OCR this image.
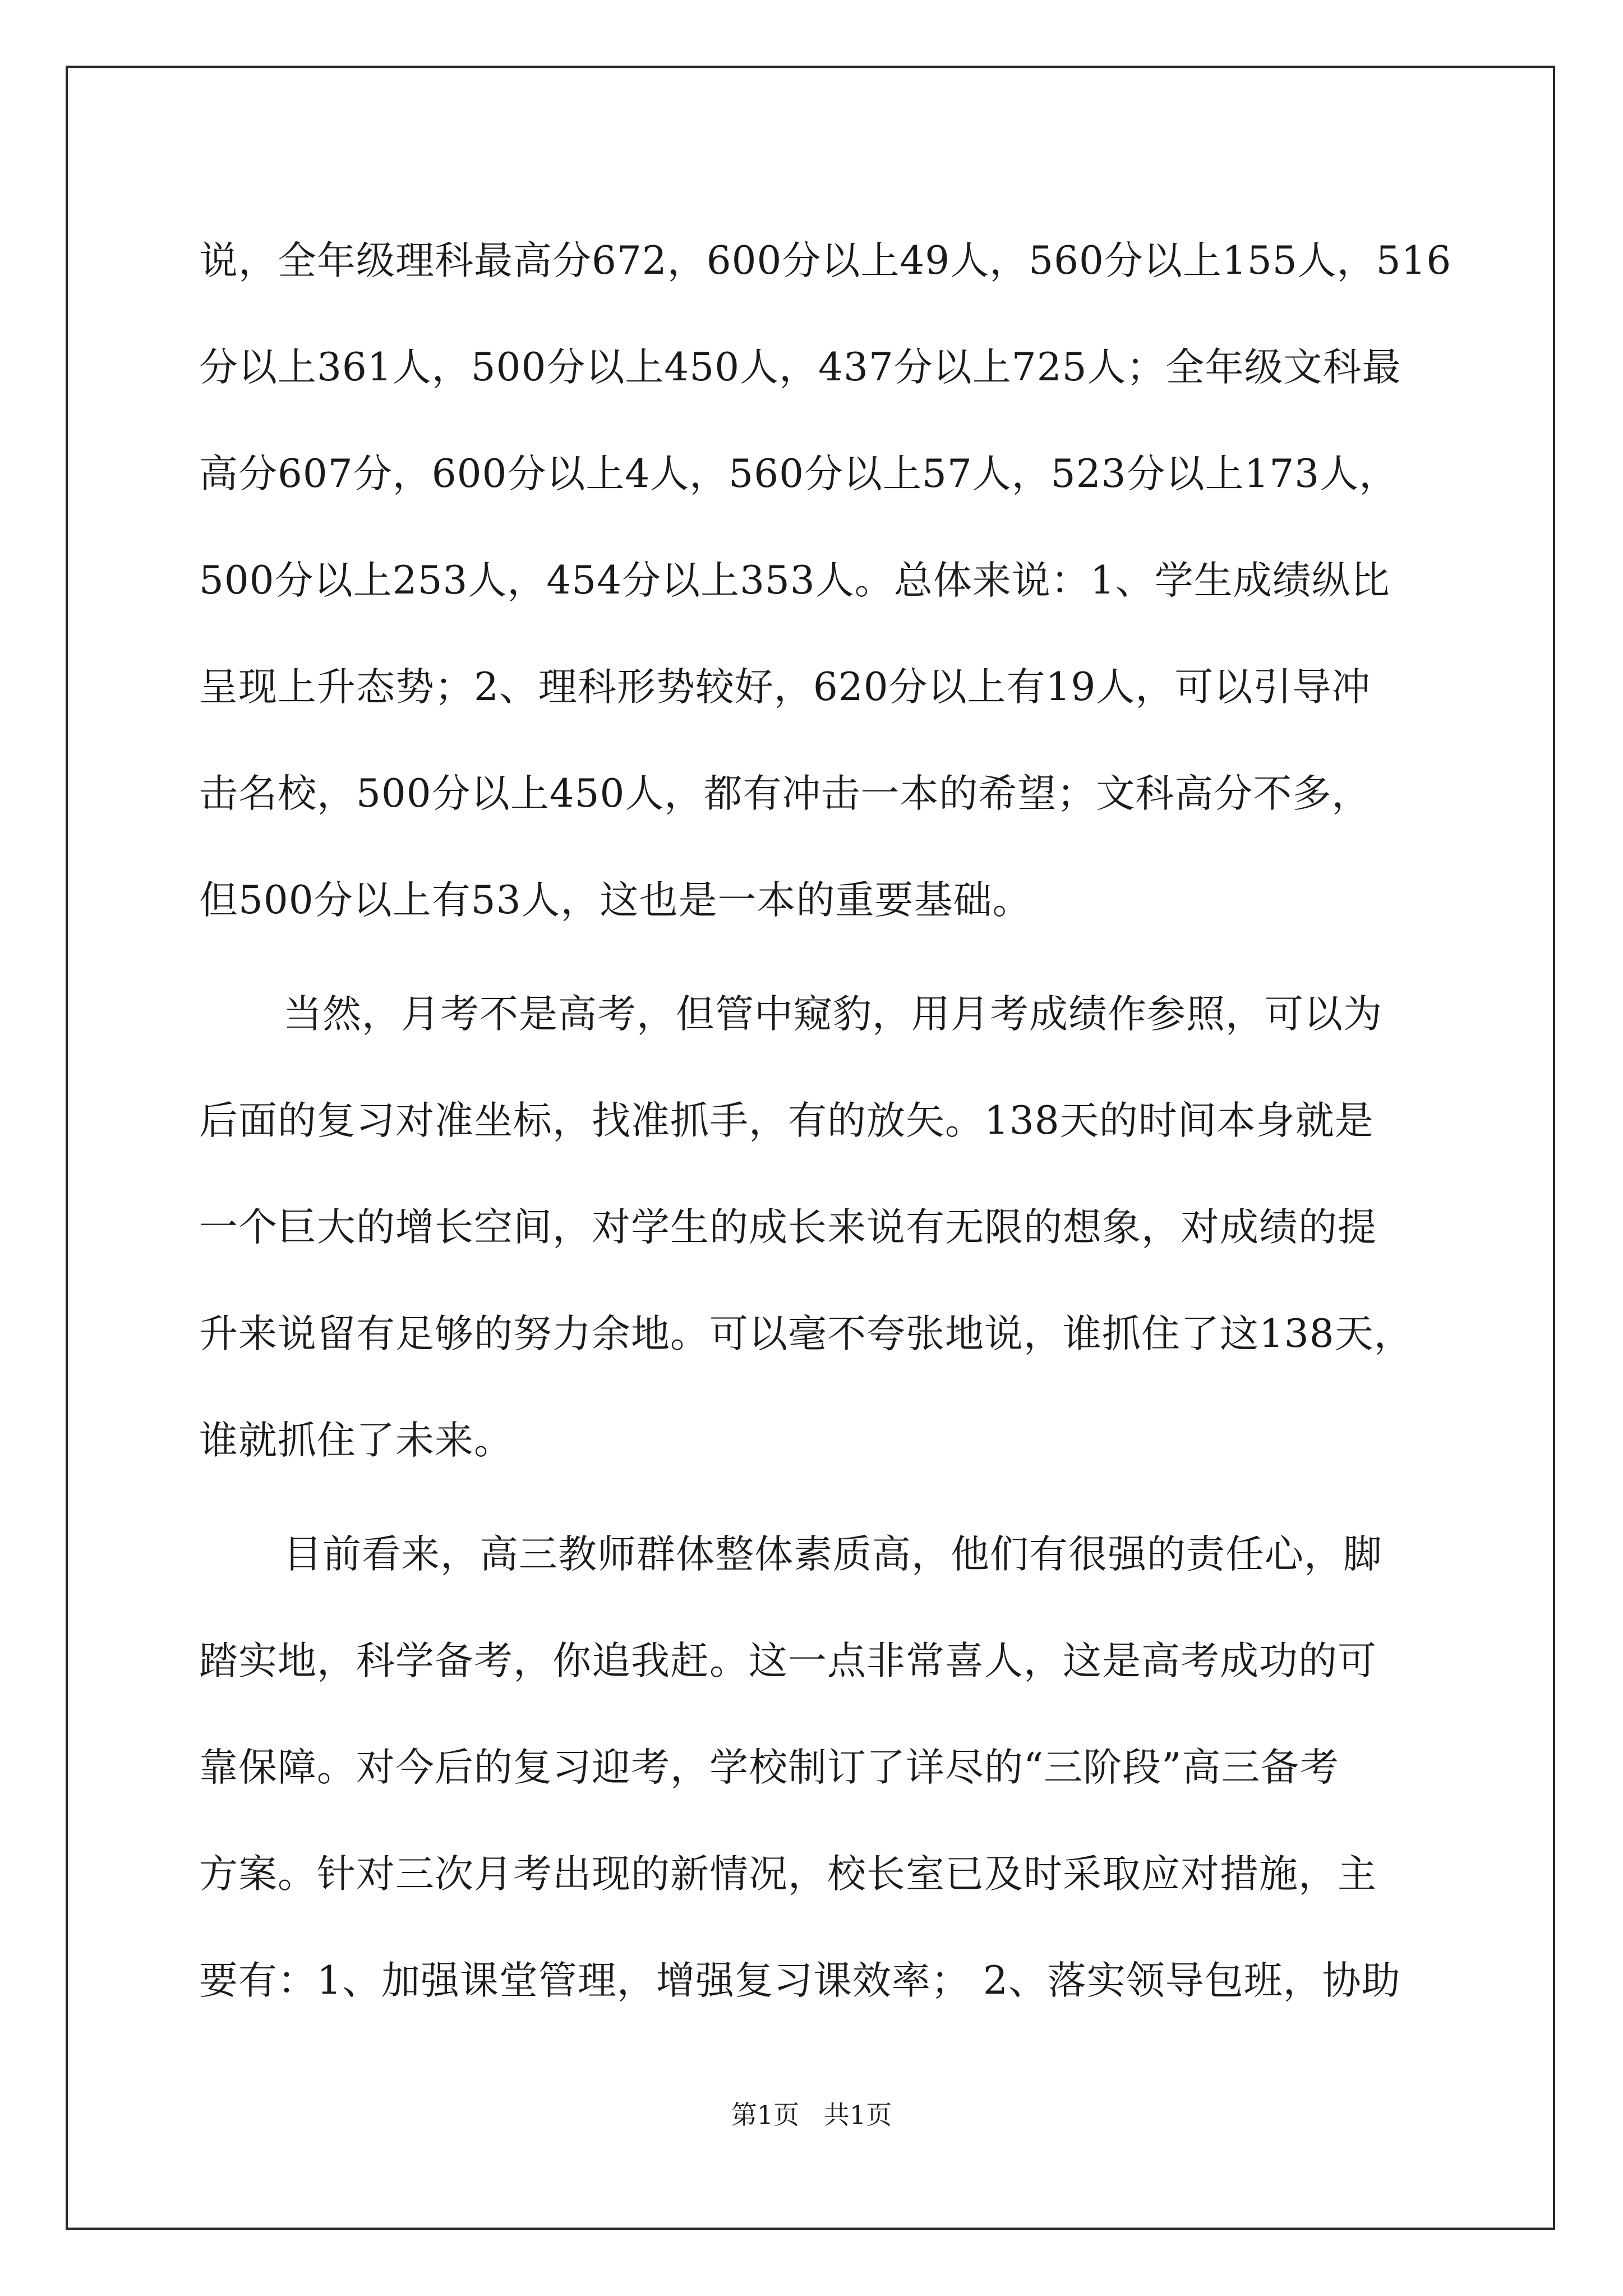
说，全年级理科最高分672，600分以上49人，560分以上155人，516
分以上361人，500分以上450人，437分以上725人；全年级文科最
高分607分，600分以上4人，560分以上57人，523分以上173人，
500分以上253人，454分以上353人。总体来说：1、学生成绩纵比
呈现上升态势；2、理科形势较好，620分以上有19人，可以引导冲
击名校，500分以上450人，都有冲击一本的希望；文科高分不多，
但500分以上有53人，这也是一本的重要基础。
当然，月考不是高考，但管中窥豹，用月考成绩作参照，可以为
后面的复习对准坐标，找准抓手，有的放矢。138天的时间本身就是
一个巨大的增长空间，对学生的成长来说有无限的想象，对成绩的提
升来说留有足够的努力余地。可以毫不夸张地说，谁抓住了这138天，
谁就抓住了未来。
目前看来，高三教师群体整体素质高，他们有很强的责任心，脚
踏实地，科学备考，你追我赶。这一点非常喜人，这是高考成功的可
靠保障。对今后的复习迎考，学校制订了详尽的“三阶段”高三备考
方案。针对三次月考出现的新情况，校长室已及时采取应对措施，主
要有：1、加强课堂管理，增强复习课效率； 2、落实领导包班，协助
第1页   共1页
